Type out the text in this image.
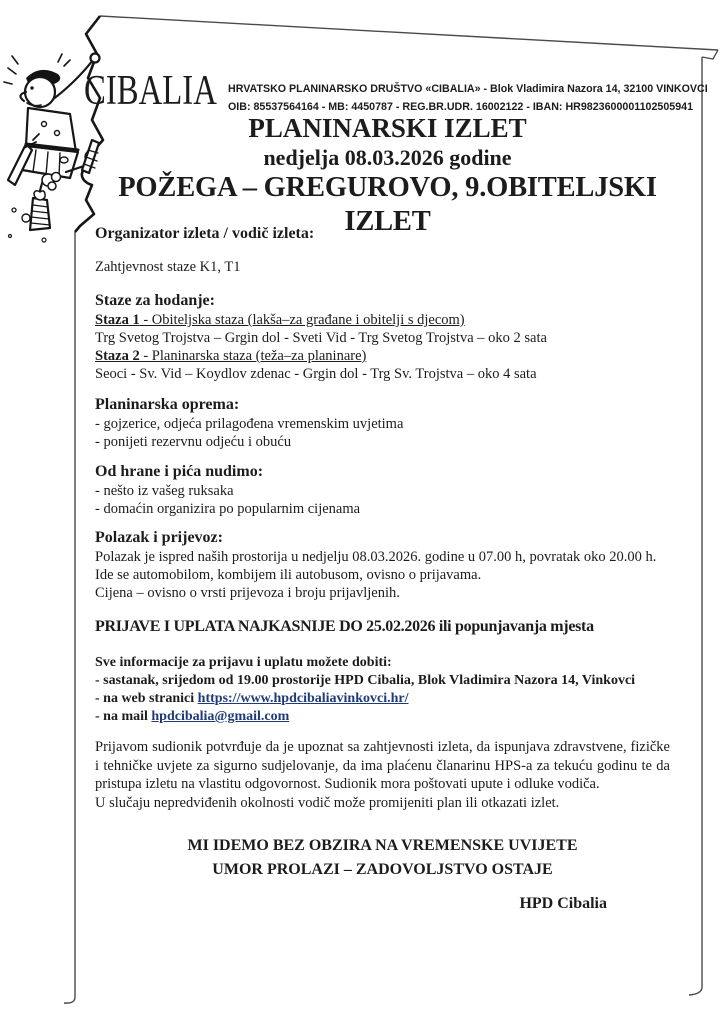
CIBALIA HRVATSKO PLANINARSKO DRUŠTVO «CIBALIA» - Blok Vladimira Nazora 14, 32100 VINKOVCI
OIB: 85537564164 - MB: 4450787 - REG.BR.UDR. 16002122 - IBAN: HR9823600001102505941
PLANINARSKI IZLET
nedjelja 08.03.2026 godine
POŽEGA – GREGUROVO, 9.OBITELJSKI IZLET
Organizator izleta / vodič izleta:
Zahtjevnost staze K1, T1
Staze za hodanje:
Staza 1 - Obiteljska staza (lakša–za građane i obitelji s djecom)
Trg Svetog Trojstva – Grgin dol - Sveti Vid - Trg Svetog Trojstva – oko 2 sata
Staza 2 - Planinarska staza (teža–za planinare)
Seoci - Sv. Vid – Koydlov zdenac - Grgin dol - Trg Sv. Trojstva – oko 4 sata
Planinarska oprema:
- gojzerice, odjeća prilagođena vremenskim uvjetima
- ponijeti rezervnu odjeću i obuću
Od hrane i pića nudimo:
- nešto iz vašeg ruksaka
- domaćin organizira po popularnim cijenama
Polazak i prijevoz:
Polazak je ispred naših prostorija u nedjelju 08.03.2026. godine u 07.00 h, povratak oko 20.00 h.
Ide se automobilom, kombijem ili autobusom, ovisno o prijavama.
Cijena – ovisno o vrsti prijevoza i broju prijavljenih.
PRIJAVE I UPLATA NAJKASNIJE DO 25.02.2026 ili popunjavanja mjesta
Sve informacije za prijavu i uplatu možete dobiti:
- sastanak, srijedom od 19.00 prostorije HPD Cibalia, Blok Vladimira Nazora 14, Vinkovci
- na web stranici https://www.hpdcibaliavinkovci.hr/
- na mail hpdcibalia@gmail.com
Prijavom sudionik potvrđuje da je upoznat sa zahtjevnosti izleta, da ispunjava zdravstvene, fizičke i tehničke uvjete za sigurno sudjelovanje, da ima plaćenu članarinu HPS-a za tekuću godinu te da pristupa izletu na vlastitu odgovornost. Sudionik mora poštovati upute i odluke vodiča.
U slučaju nepredviđenih okolnosti vodič može promijeniti plan ili otkazati izlet.
MI IDEMO BEZ OBZIRA NA VREMENSKE UVIJETE
UMOR PROLAZI – ZADOVOLJSTVO OSTAJE
HPD Cibalia
